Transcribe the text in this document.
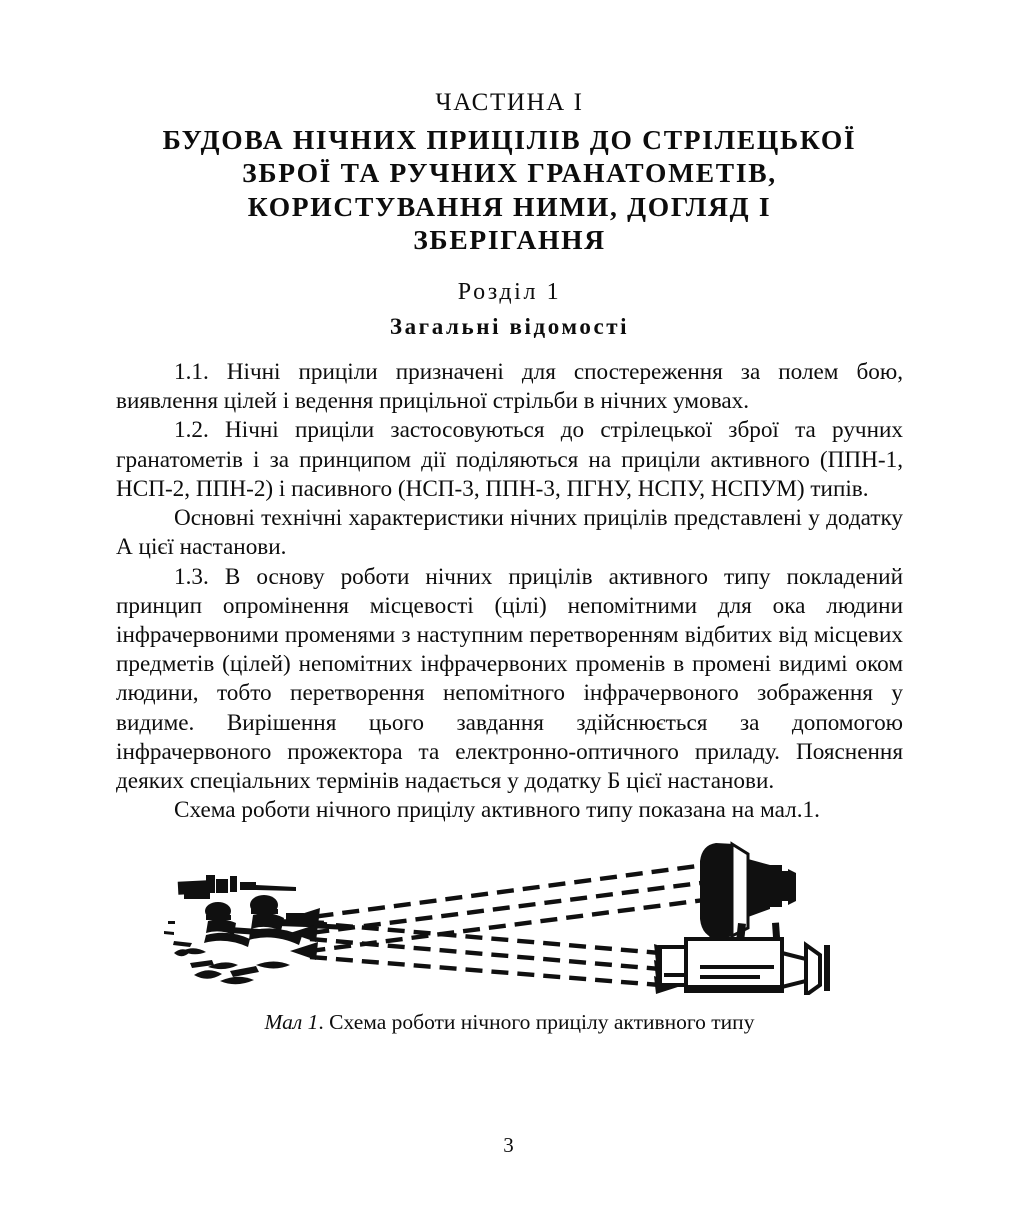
ЧАСТИНА I
БУДОВА НІЧНИХ ПРИЦІЛІВ ДО СТРІЛЕЦЬКОЇ
ЗБРОЇ ТА РУЧНИХ ГРАНАТОМЕТІВ,
КОРИСТУВАННЯ НИМИ, ДОГЛЯД І
ЗБЕРІГАННЯ
Розділ 1
Загальні відомості

1.1. Нічні приціли призначені для спостереження за полем бою, виявлення цілей і ведення прицільної стрільби в нічних умовах.

1.2. Нічні приціли застосовуються до стрілецької зброї та ручних гранатометів і за принципом дії поділяються на приціли активного (ППН-1, НСП-2, ППН-2) і пасивного (НСП-3, ППН-3, ПГНУ, НСПУ, НСПУМ) типів.

Основні технічні характеристики нічних прицілів представлені у додатку А цієї настанови.

1.3. В основу роботи нічних прицілів активного типу покладений принцип опромінення місцевості (цілі) непомітними для ока людини інфрачервоними променями з наступним перетворенням відбитих від місцевих предметів (цілей) непомітних інфрачервоних променів в промені видимі оком людини, тобто перетворення непомітного інфрачервоного зображення у видиме. Вирішення цього завдання здійснюється за допомогою інфрачервоного прожектора та електронно-оптичного приладу. Пояснення деяких спеціальних термінів надається у додатку Б цієї настанови.

Схема роботи нічного прицілу активного типу показана на мал.1.

Мал 1. Схема роботи нічного прицілу активного типу
3
